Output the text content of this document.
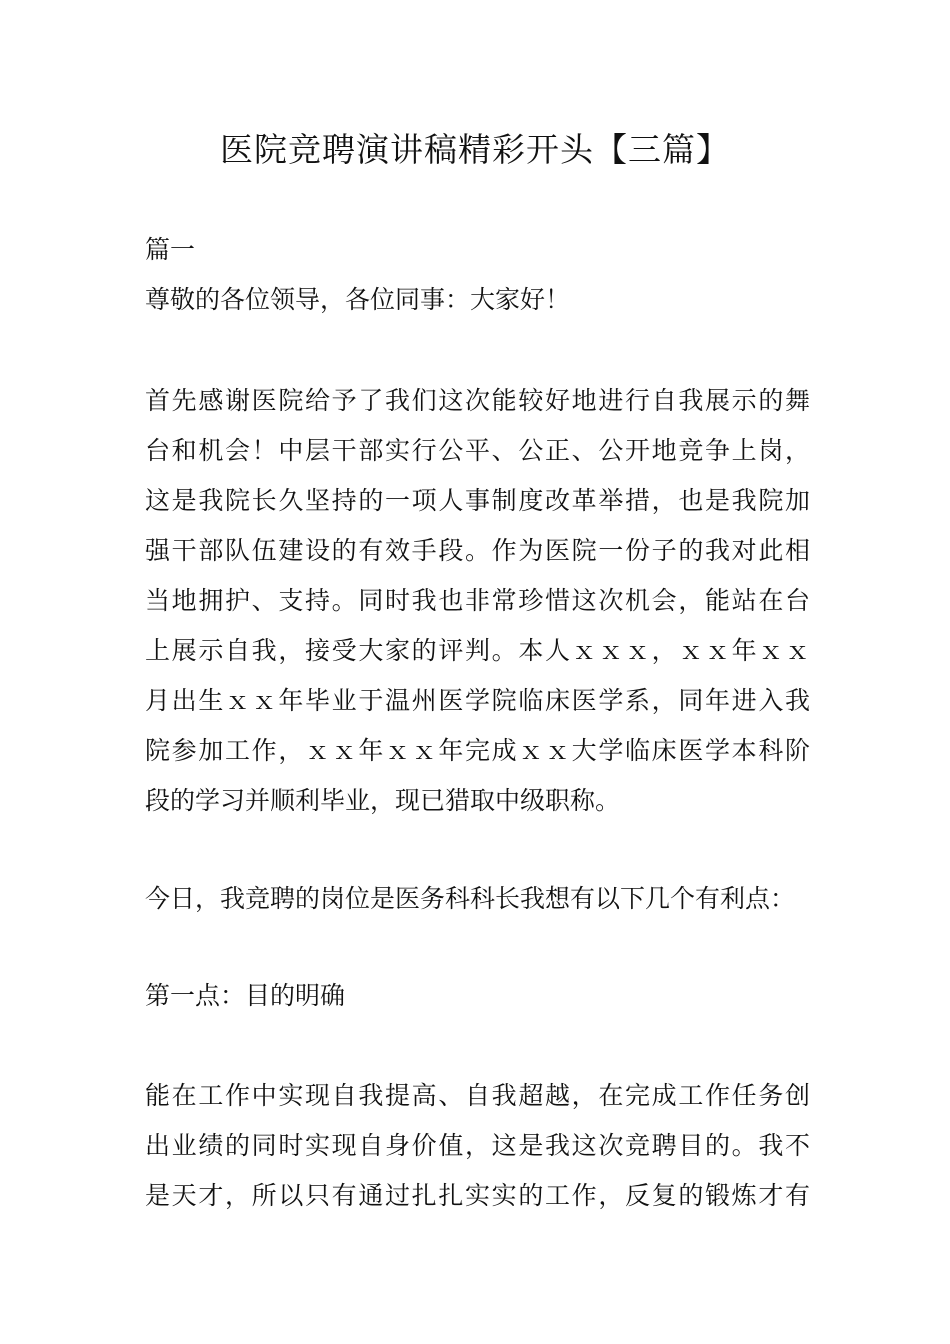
医院竞聘演讲稿精彩开头【三篇】

篇一

尊敬的各位领导，各位同事：大家好！

首先感谢医院给予了我们这次能较好地进行自我展示的舞
台和机会！中层干部实行公平、公正、公开地竞争上岗，
这是我院长久坚持的一项人事制度改革举措，也是我院加
强干部队伍建设的有效手段。作为医院一份子的我对此相
当地拥护、支持。同时我也非常珍惜这次机会，能站在台
上展示自我，接受大家的评判。本人ｘｘｘ，ｘｘ年ｘｘ
月出生ｘｘ年毕业于温州医学院临床医学系，同年进入我
院参加工作，ｘｘ年ｘｘ年完成ｘｘ大学临床医学本科阶
段的学习并顺利毕业，现已猎取中级职称。

今日，我竞聘的岗位是医务科科长我想有以下几个有利点：

第一点：目的明确

能在工作中实现自我提高、自我超越，在完成工作任务创
出业绩的同时实现自身价值，这是我这次竞聘目的。我不
是天才，所以只有通过扎扎实实的工作，反复的锻炼才有
